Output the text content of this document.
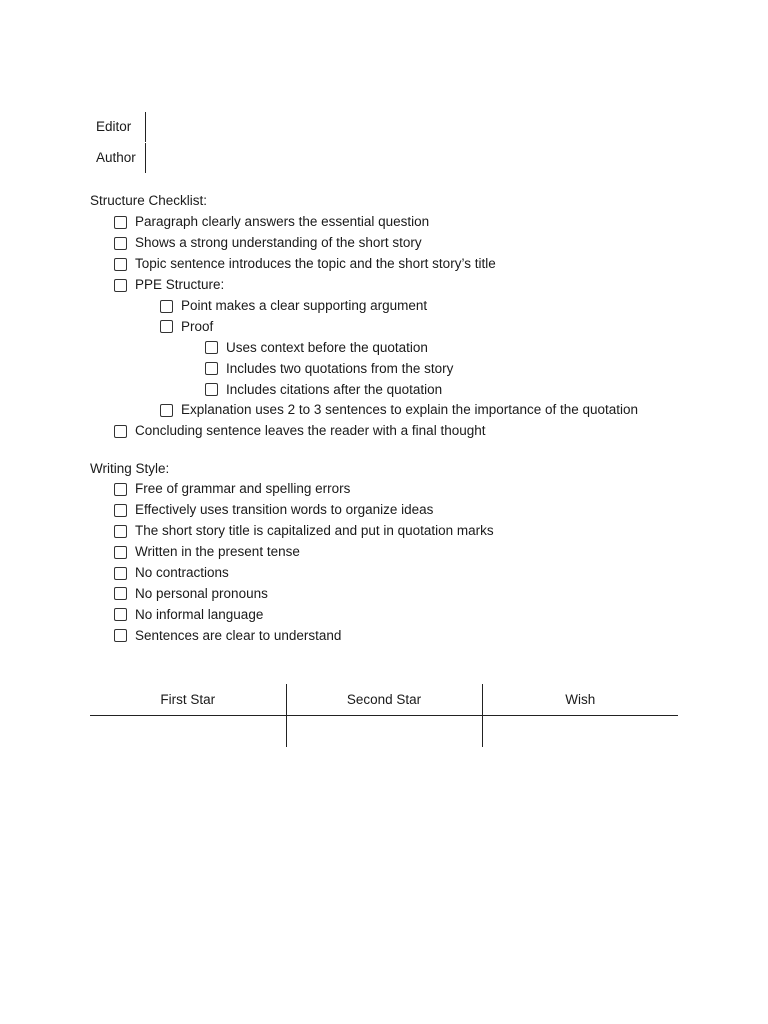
Editor
Author
Structure Checklist:
Paragraph clearly answers the essential question
Shows a strong understanding of the short story
Topic sentence introduces the topic and the short story’s title
PPE Structure:
Point makes a clear supporting argument
Proof
Uses context before the quotation
Includes two quotations from the story
Includes citations after the quotation
Explanation uses 2 to 3 sentences to explain the importance of the quotation
Concluding sentence leaves the reader with a final thought
Writing Style:
Free of grammar and spelling errors
Effectively uses transition words to organize ideas
The short story title is capitalized and put in quotation marks
Written in the present tense
No contractions
No personal pronouns
No informal language
Sentences are clear to understand
First Star	Second Star	Wish
